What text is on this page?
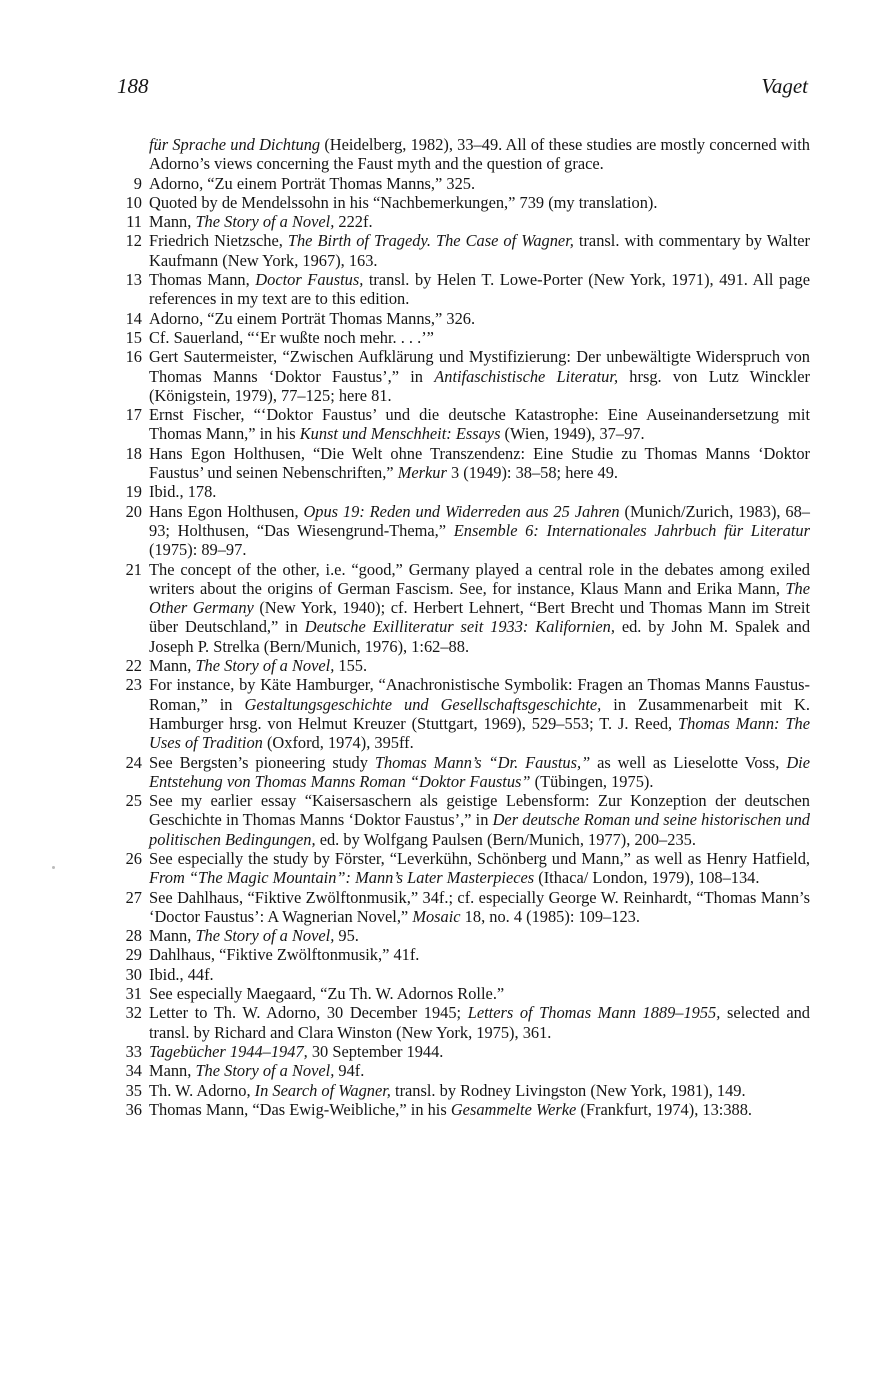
188	Vaget
für Sprache und Dichtung (Heidelberg, 1982), 33–49. All of these studies are mostly concerned with Adorno’s views concerning the Faust myth and the question of grace.
9 Adorno, “Zu einem Porträt Thomas Manns,” 325.
10 Quoted by de Mendelssohn in his “Nachbemerkungen,” 739 (my translation).
11 Mann, The Story of a Novel, 222f.
12 Friedrich Nietzsche, The Birth of Tragedy. The Case of Wagner, transl. with commentary by Walter Kaufmann (New York, 1967), 163.
13 Thomas Mann, Doctor Faustus, transl. by Helen T. Lowe-Porter (New York, 1971), 491. All page references in my text are to this edition.
14 Adorno, “Zu einem Porträt Thomas Manns,” 326.
15 Cf. Sauerland, “‘Er wußte noch mehr. . . .’”
16 Gert Sautermeister, “Zwischen Aufklärung und Mystifizierung: Der unbewältigte Widerspruch von Thomas Manns ‘Doktor Faustus’,” in Antifaschistische Literatur, hrsg. von Lutz Winckler (Königstein, 1979), 77–125; here 81.
17 Ernst Fischer, “‘Doktor Faustus’ und die deutsche Katastrophe: Eine Auseinandersetzung mit Thomas Mann,” in his Kunst und Menschheit: Essays (Wien, 1949), 37–97.
18 Hans Egon Holthusen, “Die Welt ohne Transzendenz: Eine Studie zu Thomas Manns ‘Doktor Faustus’ und seinen Nebenschriften,” Merkur 3 (1949): 38–58; here 49.
19 Ibid., 178.
20 Hans Egon Holthusen, Opus 19: Reden und Widerreden aus 25 Jahren (Munich/Zurich, 1983), 68–93; Holthusen, “Das Wiesengrund-Thema,” Ensemble 6: Internationales Jahrbuch für Literatur (1975): 89–97.
21 The concept of the other, i.e. “good,” Germany played a central role in the debates among exiled writers about the origins of German Fascism. See, for instance, Klaus Mann and Erika Mann, The Other Germany (New York, 1940); cf. Herbert Lehnert, “Bert Brecht und Thomas Mann im Streit über Deutschland,” in Deutsche Exilliteratur seit 1933: Kalifornien, ed. by John M. Spalek and Joseph P. Strelka (Bern/Munich, 1976), 1:62–88.
22 Mann, The Story of a Novel, 155.
23 For instance, by Käte Hamburger, “Anachronistische Symbolik: Fragen an Thomas Manns Faustus-Roman,” in Gestaltungsgeschichte und Gesellschaftsgeschichte, in Zusammenarbeit mit K. Hamburger hrsg. von Helmut Kreuzer (Stuttgart, 1969), 529–553; T. J. Reed, Thomas Mann: The Uses of Tradition (Oxford, 1974), 395ff.
24 See Bergsten’s pioneering study Thomas Mann’s “Dr. Faustus,” as well as Lieselotte Voss, Die Entstehung von Thomas Manns Roman “Doktor Faustus” (Tübingen, 1975).
25 See my earlier essay “Kaisersaschern als geistige Lebensform: Zur Konzeption der deutschen Geschichte in Thomas Manns ‘Doktor Faustus’,” in Der deutsche Roman und seine historischen und politischen Bedingungen, ed. by Wolfgang Paulsen (Bern/Munich, 1977), 200–235.
26 See especially the study by Förster, “Leverkühn, Schönberg und Mann,” as well as Henry Hatfield, From “The Magic Mountain”: Mann’s Later Masterpieces (Ithaca/ London, 1979), 108–134.
27 See Dahlhaus, “Fiktive Zwölftonmusik,” 34f.; cf. especially George W. Reinhardt, “Thomas Mann’s ‘Doctor Faustus’: A Wagnerian Novel,” Mosaic 18, no. 4 (1985): 109–123.
28 Mann, The Story of a Novel, 95.
29 Dahlhaus, “Fiktive Zwölftonmusik,” 41f.
30 Ibid., 44f.
31 See especially Maegaard, “Zu Th. W. Adornos Rolle.”
32 Letter to Th. W. Adorno, 30 December 1945; Letters of Thomas Mann 1889–1955, selected and transl. by Richard and Clara Winston (New York, 1975), 361.
33 Tagebücher 1944–1947, 30 September 1944.
34 Mann, The Story of a Novel, 94f.
35 Th. W. Adorno, In Search of Wagner, transl. by Rodney Livingston (New York, 1981), 149.
36 Thomas Mann, “Das Ewig-Weibliche,” in his Gesammelte Werke (Frankfurt, 1974), 13:388.
